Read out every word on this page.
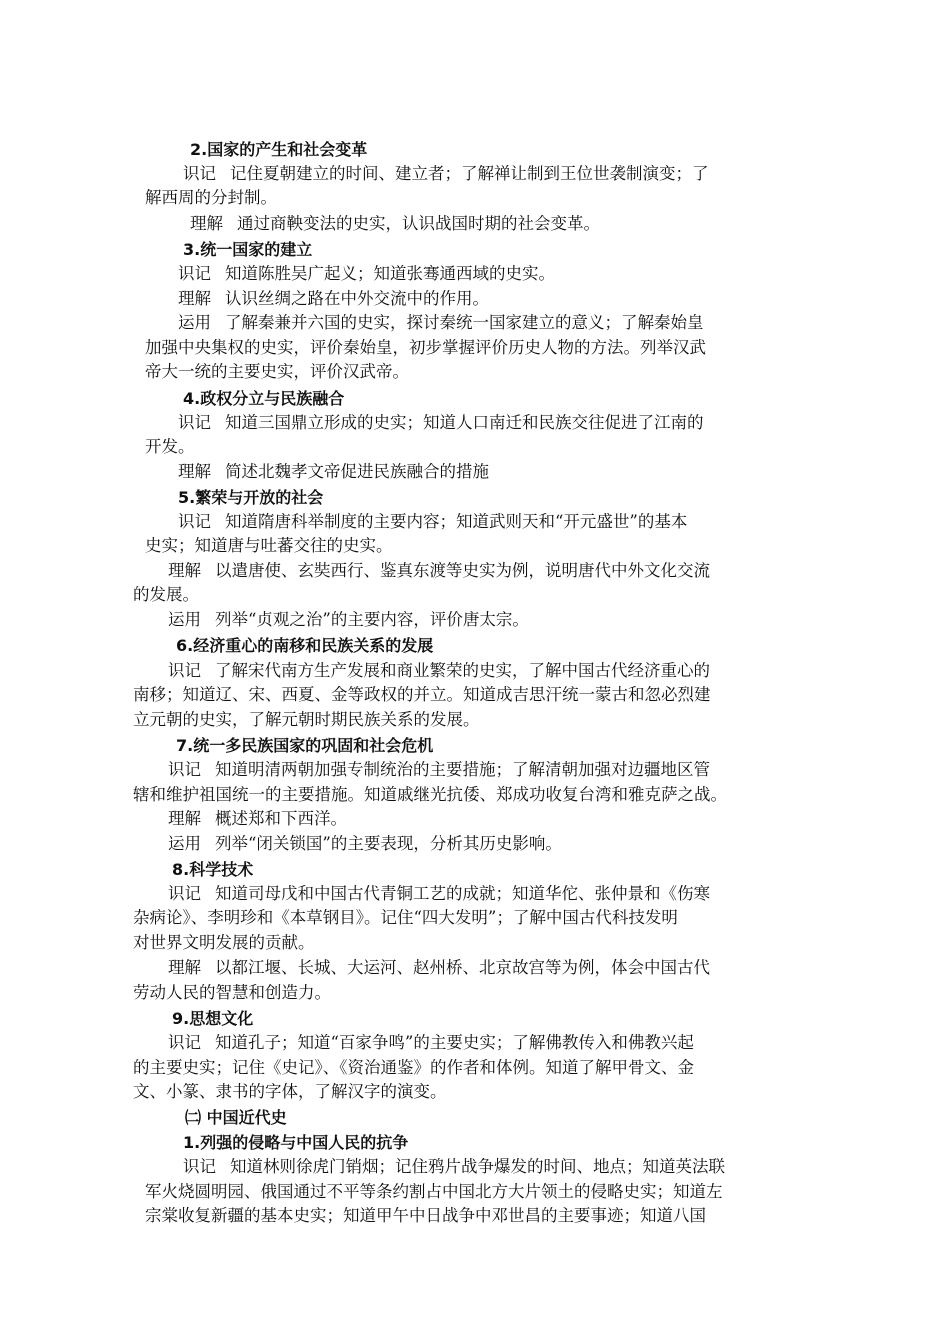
2.国家的产生和社会变革
识记 记住夏朝建立的时间、建立者；了解禅让制到王位世袭制演变；了
解西周的分封制。
理解 通过商鞅变法的史实，认识战国时期的社会变革。
3.统一国家的建立
识记 知道陈胜吴广起义；知道张骞通西域的史实。
理解 认识丝绸之路在中外交流中的作用。
运用 了解秦兼并六国的史实，探讨秦统一国家建立的意义；了解秦始皇
加强中央集权的史实，评价秦始皇，初步掌握评价历史人物的方法。列举汉武
帝大一统的主要史实，评价汉武帝。
4.政权分立与民族融合
识记 知道三国鼎立形成的史实；知道人口南迁和民族交往促进了江南的
开发。
理解 简述北魏孝文帝促进民族融合的措施
5.繁荣与开放的社会
识记 知道隋唐科举制度的主要内容；知道武则天和“开元盛世”的基本
史实；知道唐与吐蕃交往的史实。
理解 以遣唐使、玄奘西行、鉴真东渡等史实为例，说明唐代中外文化交流
的发展。
运用 列举“贞观之治”的主要内容，评价唐太宗。
6.经济重心的南移和民族关系的发展
识记 了解宋代南方生产发展和商业繁荣的史实，了解中国古代经济重心的
南移；知道辽、宋、西夏、金等政权的并立。知道成吉思汗统一蒙古和忽必烈建
立元朝的史实，了解元朝时期民族关系的发展。
7.统一多民族国家的巩固和社会危机
识记 知道明清两朝加强专制统治的主要措施；了解清朝加强对边疆地区管
辖和维护祖国统一的主要措施。知道戚继光抗倭、郑成功收复台湾和雅克萨之战。
理解 概述郑和下西洋。
运用 列举“闭关锁国”的主要表现，分析其历史影响。
8.科学技术
识记 知道司母戊和中国古代青铜工艺的成就；知道华佗、张仲景和《伤寒
杂病论》、李明珍和《本草钢目》。记住“四大发明”；了解中国古代科技发明
对世界文明发展的贡献。
理解 以都江堰、长城、大运河、赵州桥、北京故宫等为例，体会中国古代
劳动人民的智慧和创造力。
9.思想文化
识记 知道孔子；知道“百家争鸣”的主要史实；了解佛教传入和佛教兴起
的主要史实；记住《史记》、《资治通鉴》的作者和体例。知道了解甲骨文、金
文、小篆、隶书的字体，了解汉字的演变。
㈡ 中国近代史
1.列强的侵略与中国人民的抗争
识记 知道林则徐虎门销烟；记住鸦片战争爆发的时间、地点；知道英法联
军火烧圆明园、俄国通过不平等条约割占中国北方大片领土的侵略史实；知道左
宗棠收复新疆的基本史实；知道甲午中日战争中邓世昌的主要事迹；知道八国
